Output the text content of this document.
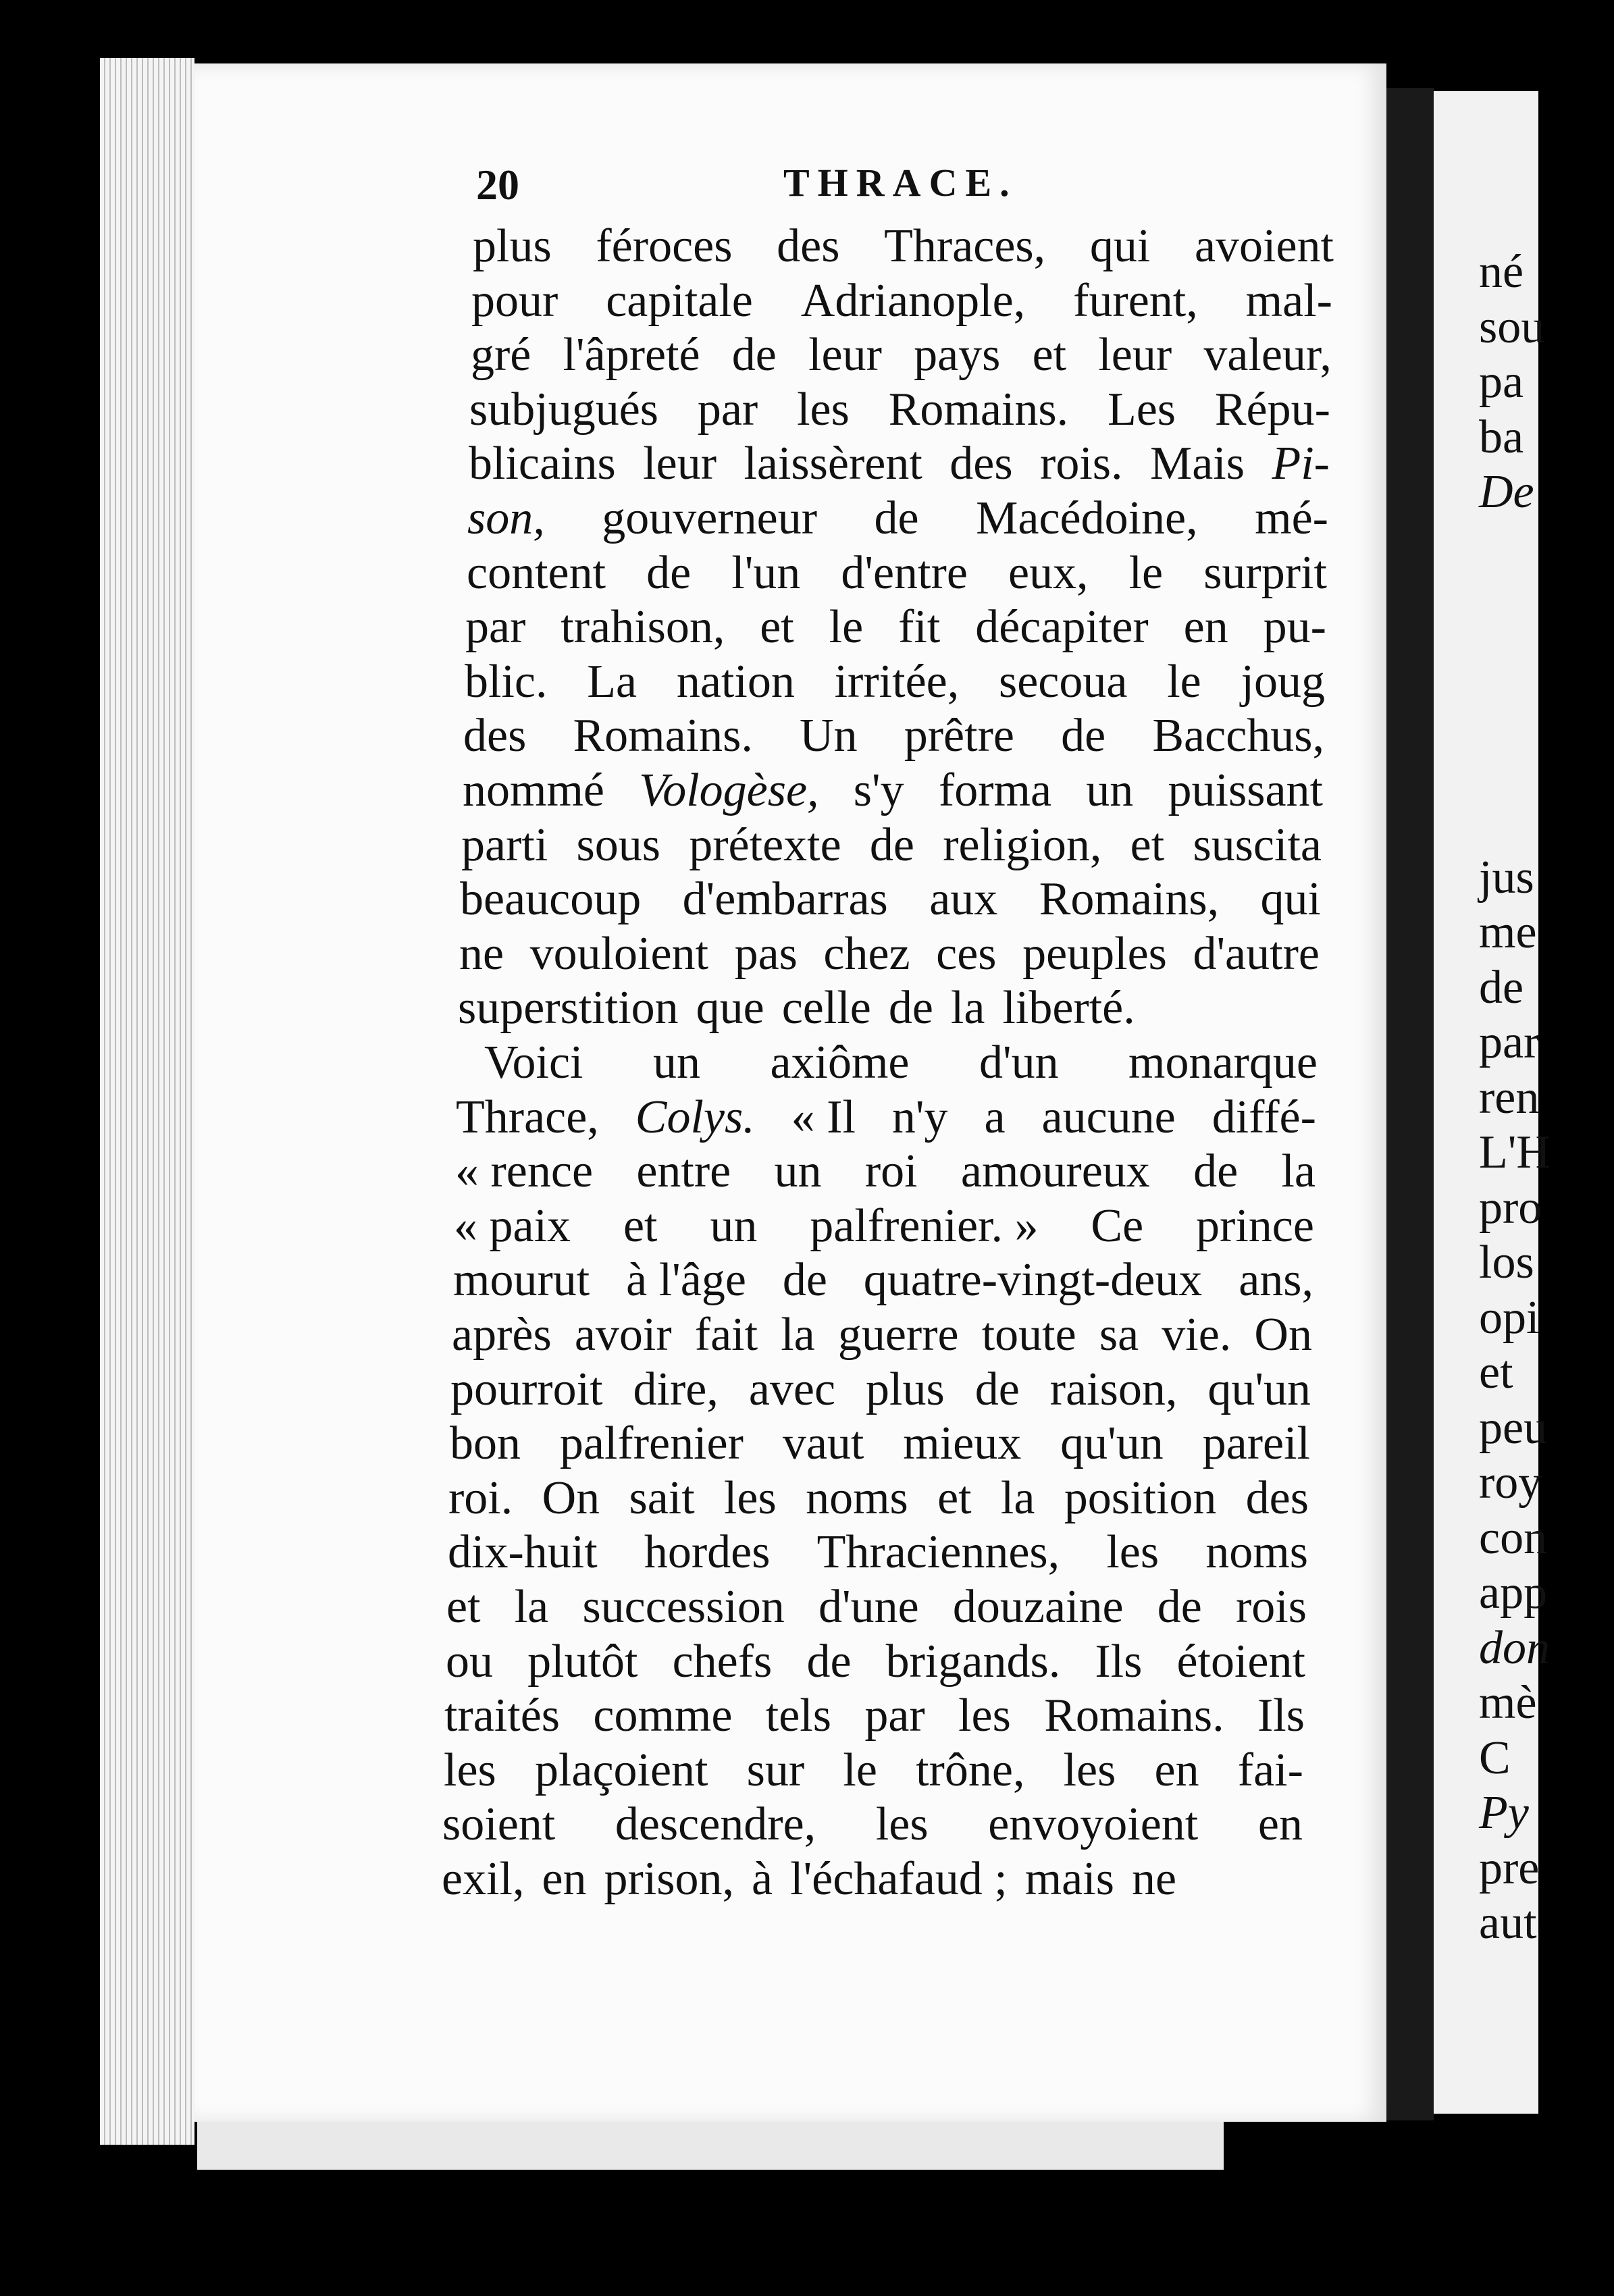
20	THRACE.
plus féroces des Thraces, qui avoient
pour capitale Adrianople, furent, mal-
gré l'âpreté de leur pays et leur valeur,
subjugués par les Romains. Les Répu-
blicains leur laissèrent des rois. Mais Pi-
son, gouverneur de Macédoine, mé-
content de l'un d'entre eux, le surprit
par trahison, et le fit décapiter en pu-
blic. La nation irritée, secoua le joug
des Romains. Un prêtre de Bacchus,
nommé Vologèse, s'y forma un puissant
parti sous prétexte de religion, et suscita
beaucoup d'embarras aux Romains, qui
ne vouloient pas chez ces peuples d'autre
superstition que celle de la liberté.
Voici un axiôme d'un monarque
Thrace, Colys. « Il n'y a aucune diffé-
« rence entre un roi amoureux de la
« paix et un palfrenier. » Ce prince
mourut à l'âge de quatre-vingt-deux ans,
après avoir fait la guerre toute sa vie. On
pourroit dire, avec plus de raison, qu'un
bon palfrenier vaut mieux qu'un pareil
roi. On sait les noms et la position des
dix-huit hordes Thraciennes, les noms
et la succession d'une douzaine de rois
ou plutôt chefs de brigands. Ils étoient
traités comme tels par les Romains. Ils
les plaçoient sur le trône, les en fai-
soient descendre, les envoyoient en
exil, en prison, à l'échafaud ; mais ne
né
sou
pa
ba
De
jus
me
de
par
ren
L'H
pro
los
opi
et
peu
roy
con
app
don
mè
C
Py
pre
aut
